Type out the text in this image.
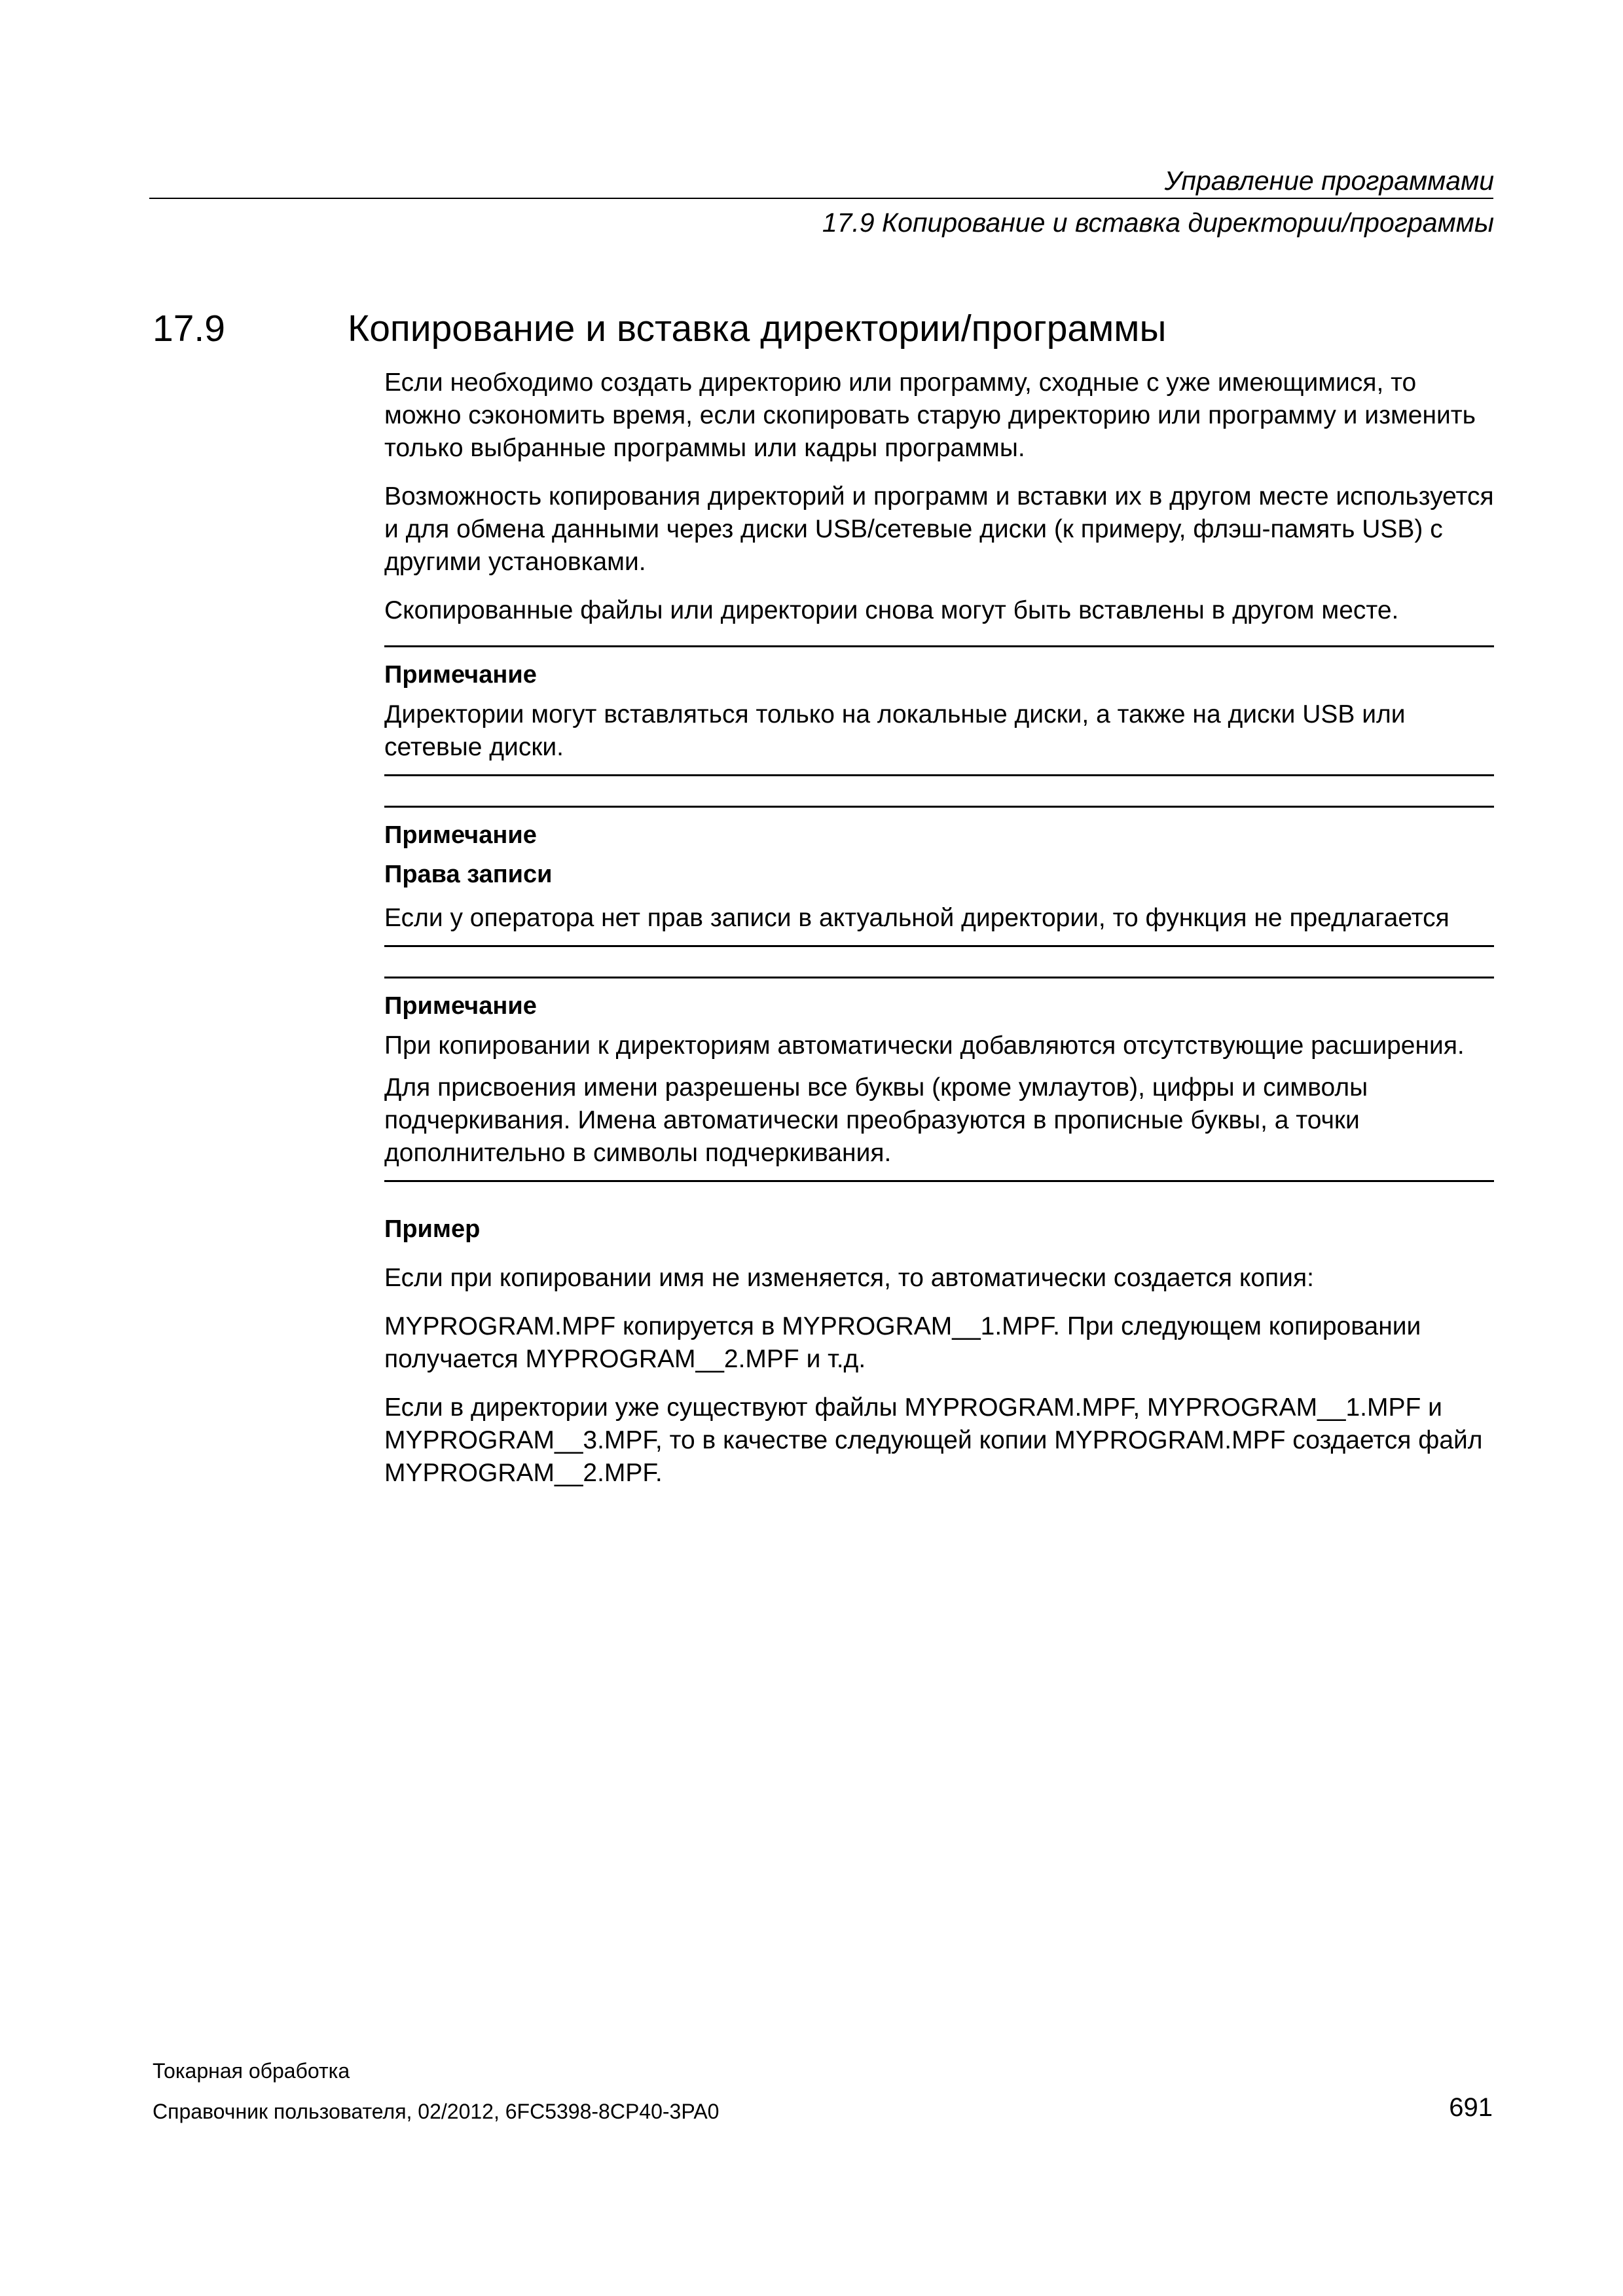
Управление программами
17.9 Копирование и вставка директории/программы
17.9	Копирование и вставка директории/программы

Если необходимо создать директорию или программу, сходные с уже имеющимися, то можно сэкономить время, если скопировать старую директорию или программу и изменить только выбранные программы или кадры программы.

Возможность копирования директорий и программ и вставки их в другом месте используется и для обмена данными через диски USB/сетевые диски (к примеру, флэш-память USB) с другими установками.

Скопированные файлы или директории снова могут быть вставлены в другом месте.

Примечание

Директории могут вставляться только на локальные диски, а также на диски USB или сетевые диски.

Примечание
Права записи

Если у оператора нет прав записи в актуальной директории, то функция не предлагается

Примечание

При копировании к директориям автоматически добавляются отсутствующие расширения.

Для присвоения имени разрешены все буквы (кроме умлаутов), цифры и символы подчеркивания. Имена автоматически преобразуются в прописные буквы, а точки дополнительно в символы подчеркивания.

Пример

Если при копировании имя не изменяется, то автоматически создается копия:

MYPROGRAM.MPF копируется в MYPROGRAM__1.MPF. При следующем копировании получается MYPROGRAM__2.MPF и т.д.

Если в директории уже существуют файлы MYPROGRAM.MPF, MYPROGRAM__1.MPF и MYPROGRAM__3.MPF, то в качестве следующей копии MYPROGRAM.MPF создается файл MYPROGRAM__2.MPF.

Токарная обработка
Справочник пользователя, 02/2012, 6FC5398-8CP40-3PA0	691
